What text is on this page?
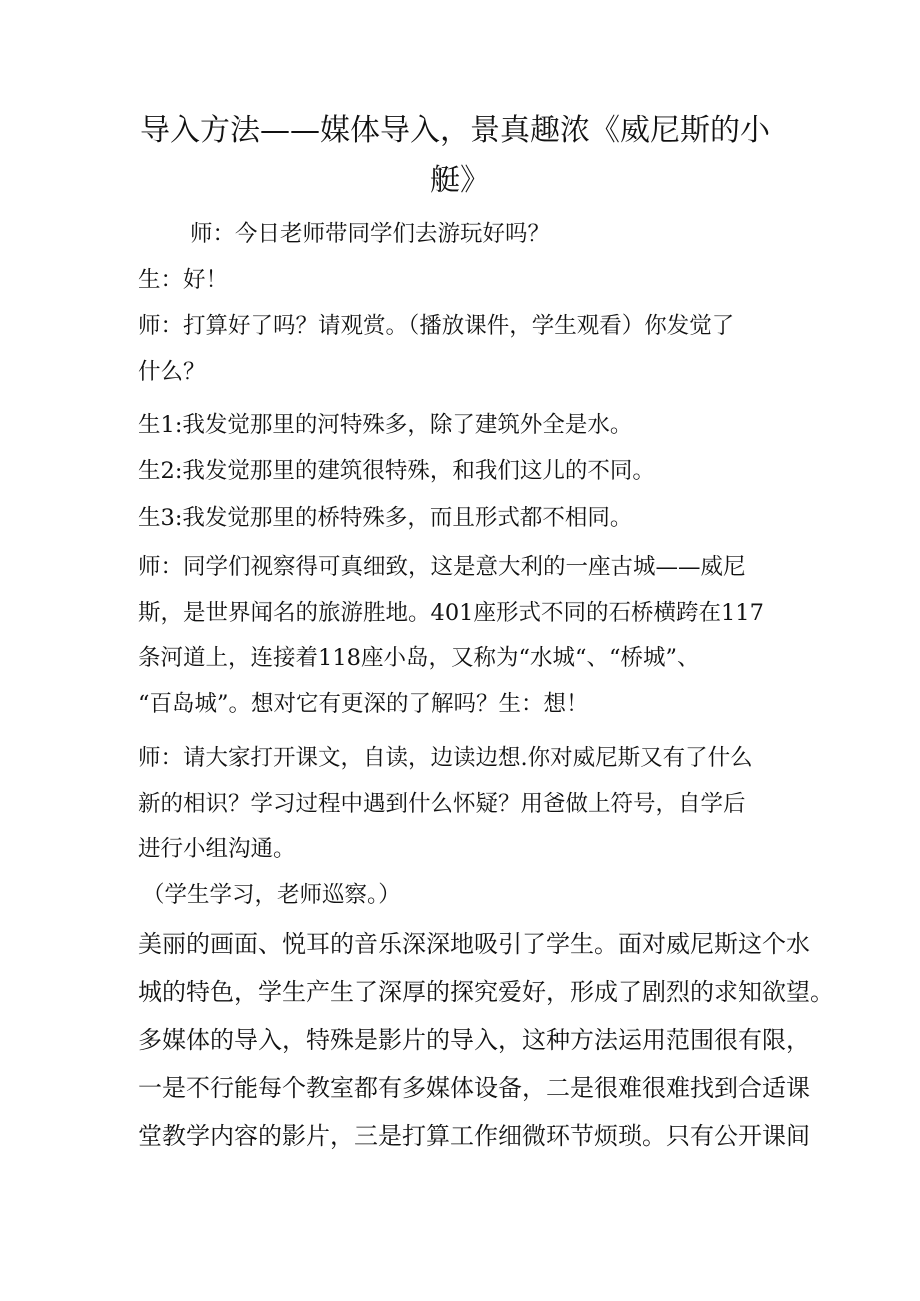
导入方法——媒体导入，景真趣浓《威尼斯的小
艇》
师：今日老师带同学们去游玩好吗？
生：好！
师：打算好了吗？请观赏。（播放课件，学生观看）你发觉了
什么？
生1:我发觉那里的河特殊多，除了建筑外全是水。
生2:我发觉那里的建筑很特殊，和我们这儿的不同。
生3:我发觉那里的桥特殊多，而且形式都不相同。
师：同学们视察得可真细致，这是意大利的一座古城——威尼
斯，是世界闻名的旅游胜地。401座形式不同的石桥横跨在117
条河道上，连接着118座小岛，又称为“水城“、“桥城”、
“百岛城”。想对它有更深的了解吗？生：想！
师：请大家打开课文，自读，边读边想.你对威尼斯又有了什么
新的相识？学习过程中遇到什么怀疑？用爸做上符号，自学后
进行小组沟通。
（学生学习，老师巡察。）
美丽的画面、悦耳的音乐深深地吸引了学生。面对威尼斯这个水
城的特色，学生产生了深厚的探究爱好，形成了剧烈的求知欲望。
多媒体的导入，特殊是影片的导入，这种方法运用范围很有限，
一是不行能每个教室都有多媒体设备，二是很难很难找到合适课
堂教学内容的影片，三是打算工作细微环节烦琐。只有公开课间
